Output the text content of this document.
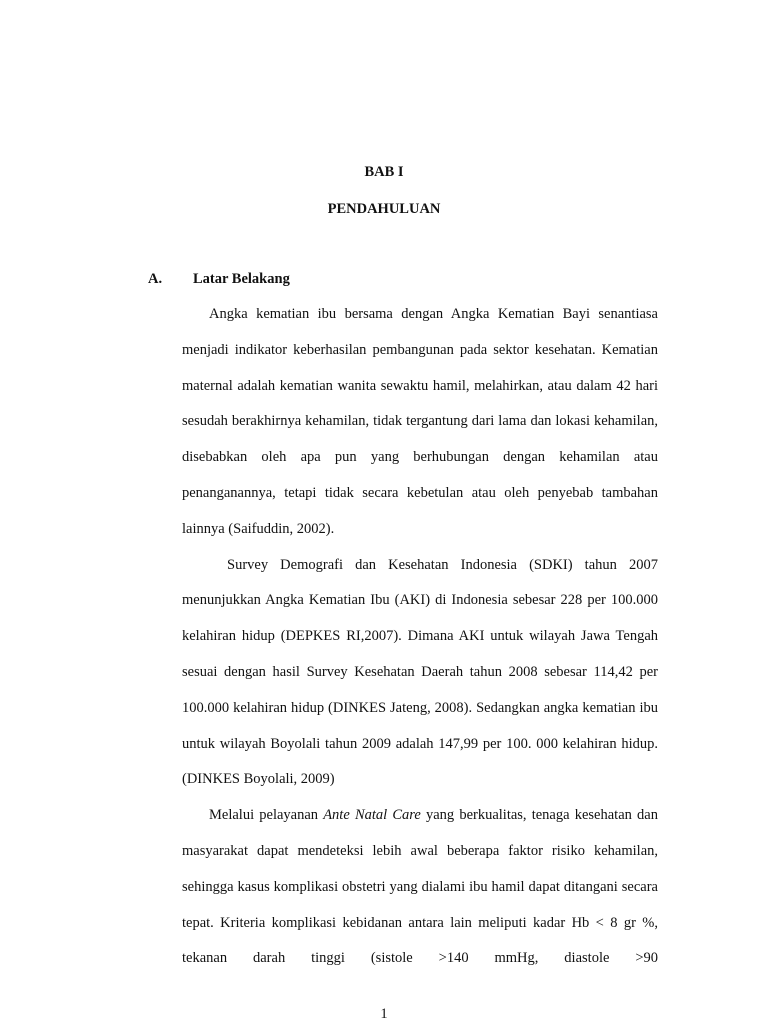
BAB I
PENDAHULUAN
A. Latar Belakang

Angka kematian ibu bersama dengan Angka Kematian Bayi senantiasa menjadi indikator keberhasilan pembangunan pada sektor kesehatan. Kematian maternal adalah kematian wanita sewaktu hamil, melahirkan, atau dalam 42 hari sesudah berakhirnya kehamilan, tidak tergantung dari lama dan lokasi kehamilan, disebabkan oleh apa pun yang berhubungan dengan kehamilan atau penanganannya, tetapi tidak secara kebetulan atau oleh penyebab tambahan lainnya (Saifuddin, 2002).

Survey Demografi dan Kesehatan Indonesia (SDKI) tahun 2007 menunjukkan Angka Kematian Ibu (AKI) di Indonesia sebesar 228 per 100.000 kelahiran hidup (DEPKES RI,2007). Dimana AKI untuk wilayah Jawa Tengah sesuai dengan hasil Survey Kesehatan Daerah tahun 2008 sebesar 114,42 per 100.000 kelahiran hidup (DINKES Jateng, 2008). Sedangkan angka kematian ibu untuk wilayah Boyolali tahun 2009 adalah 147,99 per 100. 000 kelahiran hidup. (DINKES Boyolali, 2009)

Melalui pelayanan Ante Natal Care yang berkualitas, tenaga kesehatan dan masyarakat dapat mendeteksi lebih awal beberapa faktor risiko kehamilan, sehingga kasus komplikasi obstetri yang dialami ibu hamil dapat ditangani secara tepat. Kriteria komplikasi kebidanan antara lain meliputi kadar Hb < 8 gr %, tekanan darah tinggi (sistole >140 mmHg, diastole >90

1
